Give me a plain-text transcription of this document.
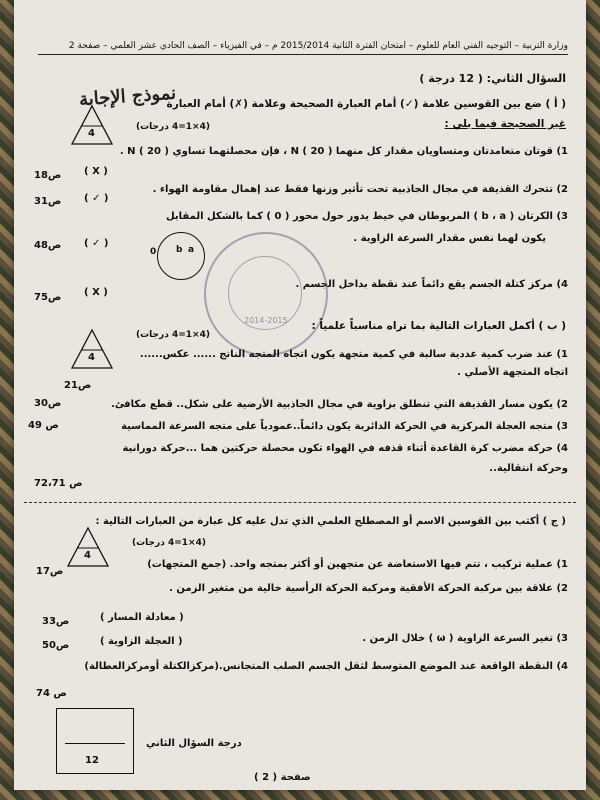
وزارة التربية – التوجيه الفني العام للعلوم – امتحان الفترة الثانية 2015/2014 م – في الفيزياء – الصف الحادي عشر العلمي – صفحة 2
السؤال الثاني: ( 12 درجة )
نموذج الإجابة
( أ ) ضع بين القوسين علامة (✓) أمام العبارة الصحيحة وعلامة (✗) أمام العبارة
غير الصحيحة فيما يلي :
(4×1=4 درجات)
4
1) قوتان متعامدتان ومتساويان مقدار كل منهما N ( 20 ) ، فإن محصلتهما تساوي N ( 20 ) .
( X )
ص18
2) تتحرك القذيفة في مجال الجاذبية تحت تأثير وزنها فقط عند إهمال مقاومة الهواء .
( ✓ )
ص31
3) الكرتان ( b ، a ) المربوطان في خيط يدور حول محور ( 0 ) كما بالشكل المقابل
يكون لهما نفس مقدار السرعة الزاوية .
( ✓ )
ص48
0 b a
4) مركز كتلة الجسم يقع دائماً عند نقطة بداخل الجسم .
( X )
ص75
2014-2015 ( ب ) أكمل العبارات التالية بما تراه مناسباً علمياً :
(4×1=4 درجات)
4	1) عند ضرب كمية عددية سالبة في كمية متجهة يكون اتجاه المتجه الناتج ...... عكس......
اتجاه المتجهة الأصلي .
ص21
2) يكون مسار القذيفة التي تنطلق بزاوية في مجال الجاذبية الأرضية على شكل.. قطع مكافئ.
ص30
3) متجه العجلة المركزية في الحركة الدائرية يكون دائماً..عمودياً على متجه السرعة المماسية
ص 49
4) حركة مضرب كرة القاعدة أثناء قذفه في الهواء تكون محصلة حركتين هما ...حركة دورانية
وحركة انتقالية..
ص 72،71
( ج ) أكتب بين القوسين الاسم أو المصطلح العلمي الذي تدل عليه كل عبارة من العبارات التالية :
(4×1=4 درجات)
4
1) عملية تركيب ، تتم فيها الاستعاضة عن متجهين أو أكثر بمتجه واحد. (جمع المتجهات)
ص17
2) علاقة بين مركبة الحركة الأفقية ومركبة الحركة الرأسية خالية من متغير الزمن .
( معادلة المسار )
ص33
3) تغير السرعة الزاوية ( ω ) خلال الزمن .
( العجلة الزاوية )
ص50
4) النقطة الواقعة عند الموضع المتوسط لثقل الجسم الصلب المتجانس.(مركزالكتلة أومركزالعطالة)
ص 74
12
درجة السؤال الثاني
صفحة ( 2 )
